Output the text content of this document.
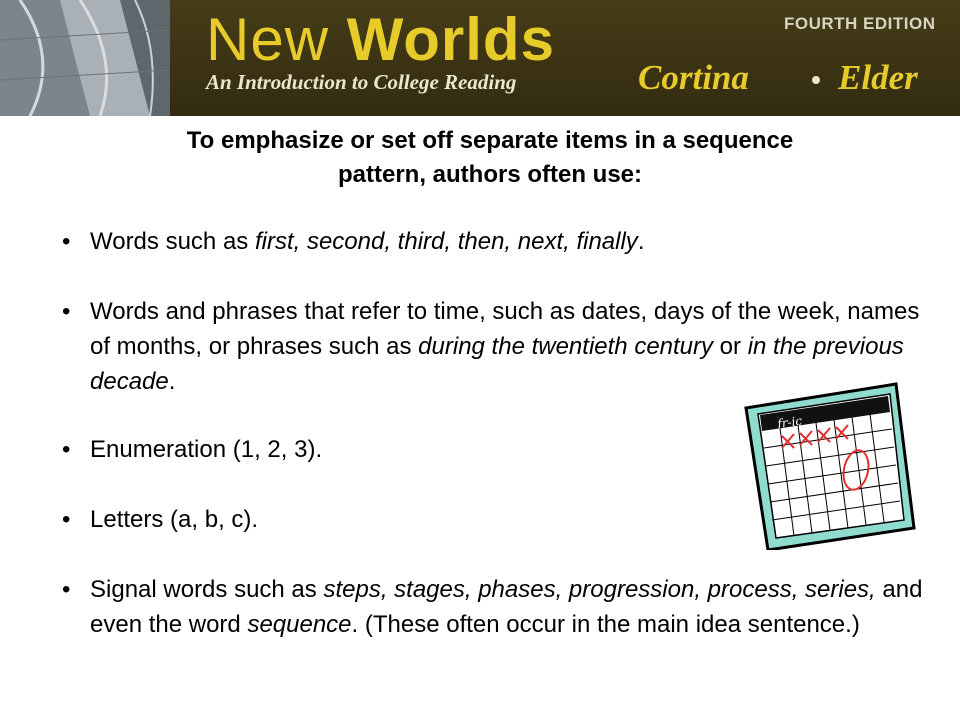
New Worlds
An Introduction to College Reading
FOURTH EDITION
Cortina	Elder
To emphasize or set off separate items in a sequence
pattern, authors often use:
• Words such as first, second, third, then, next, finally.
• Words and phrases that refer to time, such as dates, days of the week, names of months, or phrases such as during the twentieth century or in the previous decade.
• Enumeration (1, 2, 3).
• Letters (a, b, c).
• Signal words such as steps, stages, phases, progression, process, series, and even the word sequence. (These often occur in the main idea sentence.)
fr-ic
